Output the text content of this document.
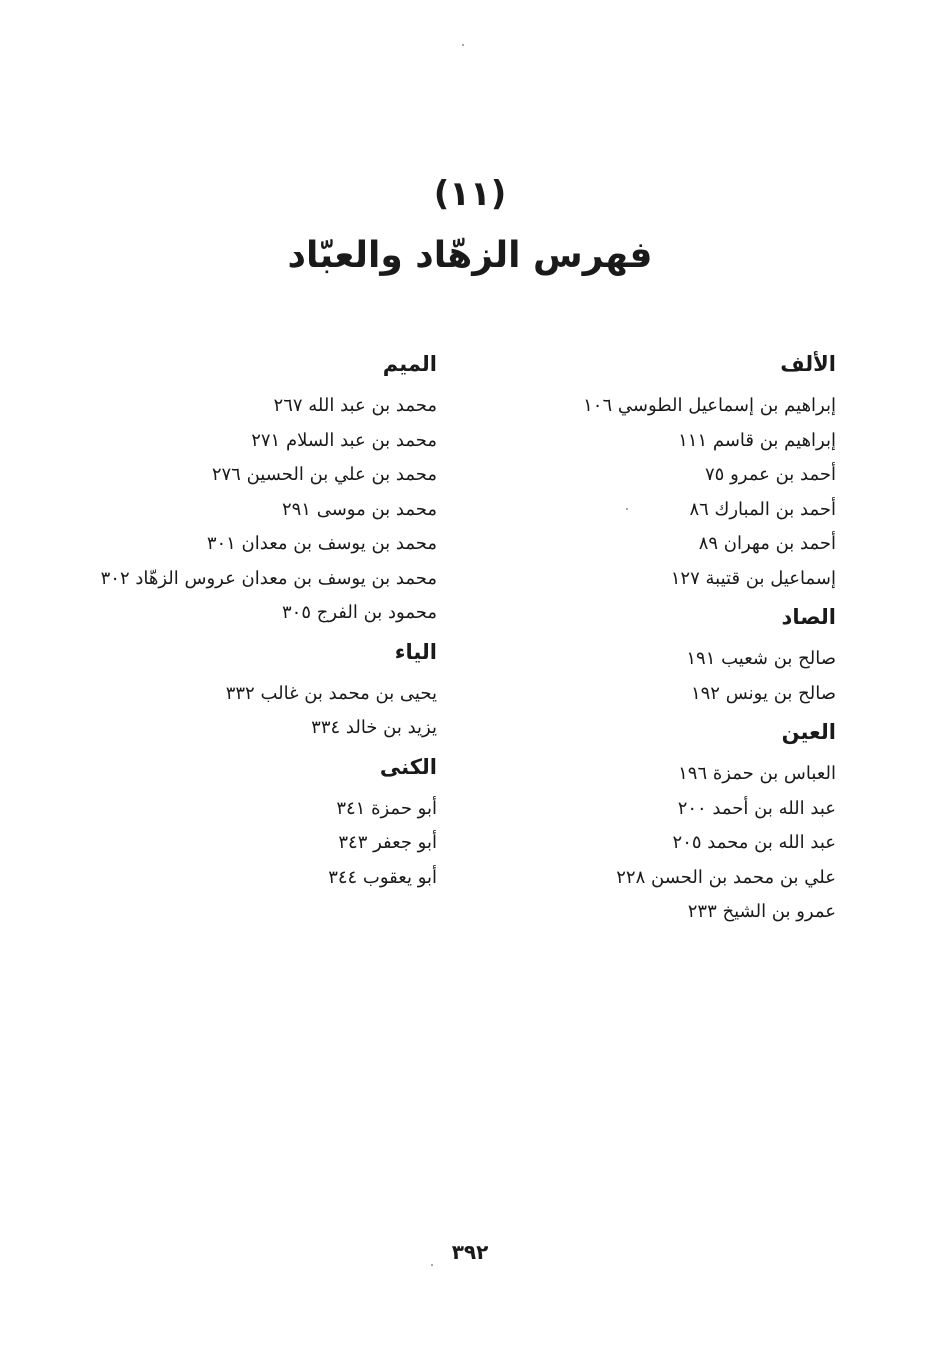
(١١)
فهرس الزهّاد والعبّاد
الألف
إبراهيم بن إسماعيل الطوسي ١٠٦
إبراهيم بن قاسم ١١١
أحمد بن عمرو ٧٥
أحمد بن المبارك ٨٦
أحمد بن مهران ٨٩
إسماعيل بن قتيبة ١٢٧
الصاد
صالح بن شعيب ١٩١
صالح بن يونس ١٩٢
العين
العباس بن حمزة ١٩٦
عبد الله بن أحمد ٢٠٠
عبد الله بن محمد ٢٠٥
علي بن محمد بن الحسن ٢٢٨
عمرو بن الشيخ ٢٣٣
الميم
محمد بن عبد الله ٢٦٧
محمد بن عبد السلام ٢٧١
محمد بن علي بن الحسين ٢٧٦
محمد بن موسى ٢٩١
محمد بن يوسف بن معدان ٣٠١
محمد بن يوسف بن معدان عروس الزهّاد ٣٠٢
محمود بن الفرج ٣٠٥
الياء
يحيى بن محمد بن غالب ٣٣٢
يزيد بن خالد ٣٣٤
الكنى
أبو حمزة ٣٤١
أبو جعفر ٣٤٣
أبو يعقوب ٣٤٤
٣٩٢
